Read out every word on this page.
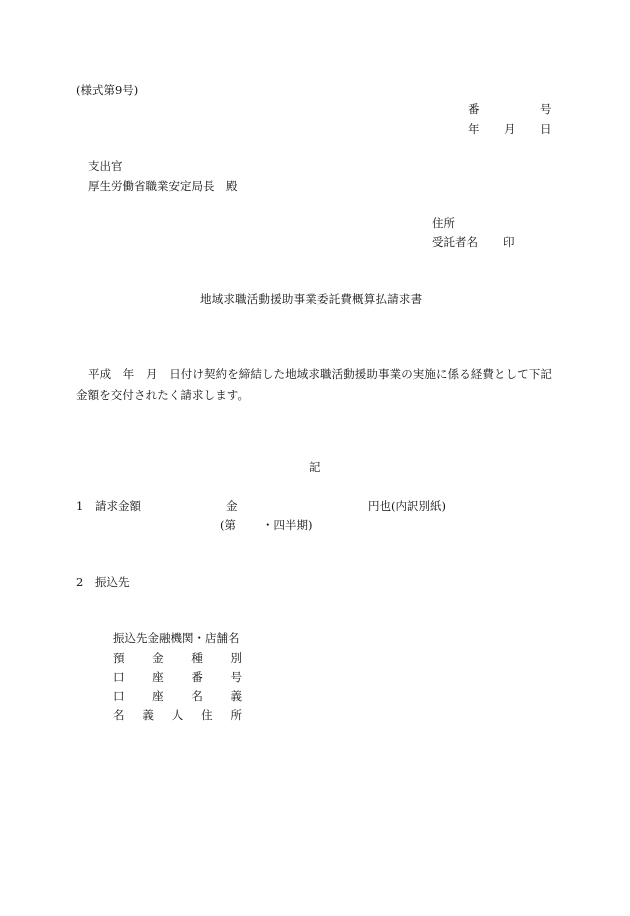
(様式第9号)
番	号
年 月 日
支出官
厚生労働省職業安定局長　殿
住所
受託者名 印
地域求職活動援助事業委託費概算払請求書
平成　年　月　日付け契約を締結した地域求職活動援助事業の実施に係る経費として下記金額を交付されたく請求します。
記
1 請求金額	金	円也(内訳別紙)
(第 ・四半期)
2 振込先
振込先金融機関・店舗名
預 金 種 別
口 座 番 号
口 座 名 義
名 義 人 住 所
